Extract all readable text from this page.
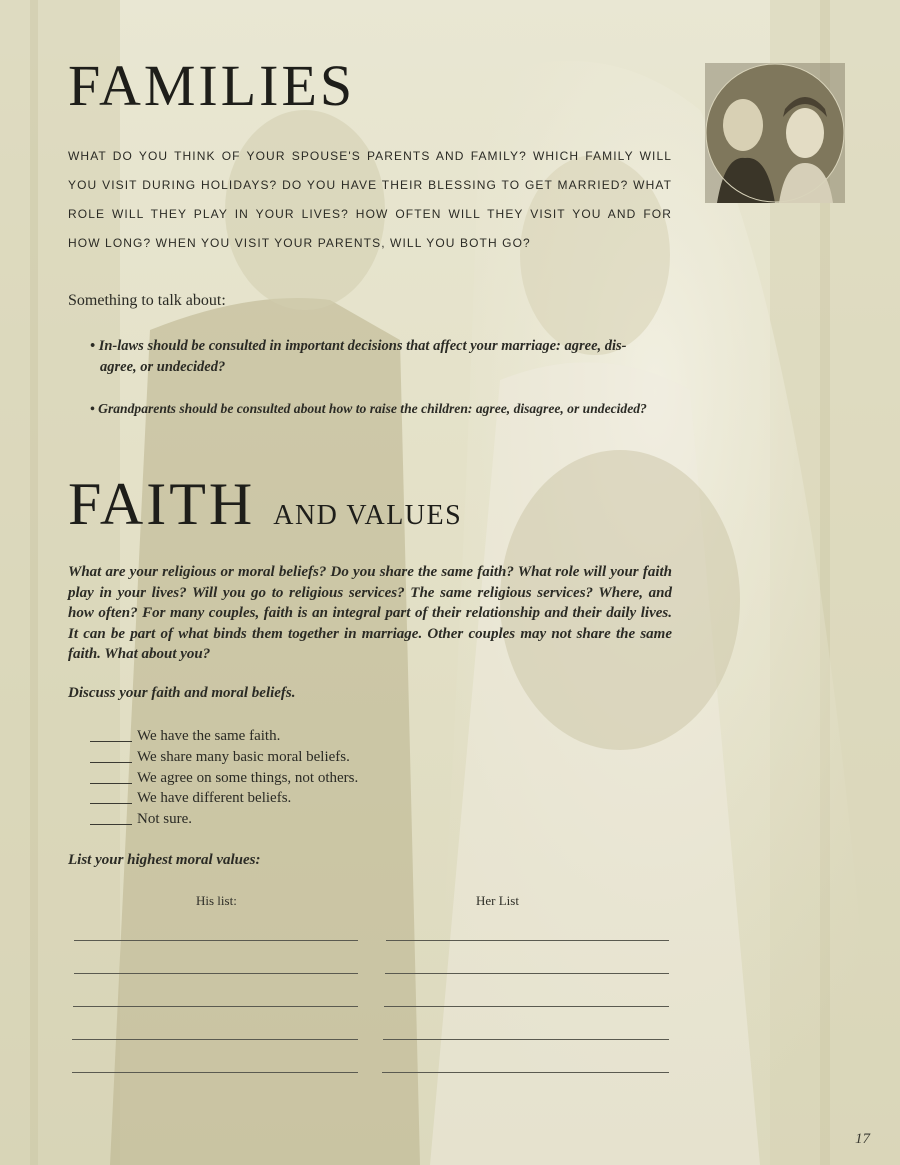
FAMILIES

WHAT DO YOU THINK OF YOUR SPOUSE'S PARENTS AND FAMILY? WHICH FAMILY WILL YOU VISIT DURING HOLIDAYS? DO YOU HAVE THEIR BLESSING TO GET MARRIED? WHAT ROLE WILL THEY PLAY IN YOUR LIVES? HOW OFTEN WILL THEY VISIT YOU AND FOR HOW LONG? WHEN YOU VISIT YOUR PARENTS, WILL YOU BOTH GO?

Something to talk about:

• In-laws should be consulted in important decisions that affect your marriage: agree, dis-
agree, or undecided?

• Grandparents should be consulted about how to raise the children: agree, disagree, or undecided?

FAITH AND VALUES

What are your religious or moral beliefs? Do you share the same faith? What role will your faith play in your lives? Will you go to religious services? The same religious services? Where, and how often? For many couples, faith is an integral part of their relationship and their daily lives. It can be part of what binds them together in marriage. Other couples may not share the same faith. What about you?

Discuss your faith and moral beliefs.

We have the same faith.
We share many basic moral beliefs.
We agree on some things, not others.
We have different beliefs.
Not sure.

List your highest moral values:

His list:	Her List

17
